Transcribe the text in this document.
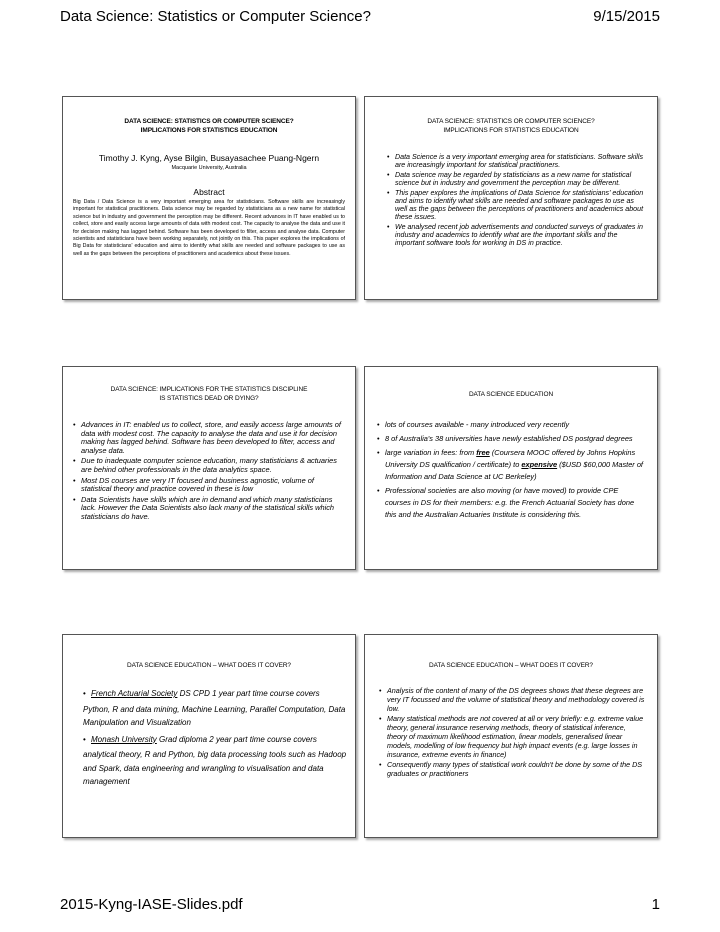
Data Science: Statistics or Computer Science?	9/15/2015
DATA SCIENCE: STATISTICS OR COMPUTER SCIENCE?
IMPLICATIONS FOR STATISTICS EDUCATION
Timothy J. Kyng, Ayse Bilgin, Busayasachee Puang-Ngern
Macquarie University, Australia
Abstract
Big Data / Data Science is a very important emerging area for statisticians. Software skills are increasingly important for statistical practitioners. Data science may be regarded by statisticians as a new name for statistical science but in industry and government the perception may be different. Recent advances in IT have enabled us to collect, store and easily access large amounts of data with modest cost. The capacity to analyse the data and use it for decision making has lagged behind. Software has been developed to filter, access and analyse data. Computer scientists and statisticians have been working separately, not jointly on this. This paper explores the implications of Big Data for statisticians' education and aims to identify what skills are needed and software packages to use as well as the gaps between the perceptions of practitioners and academics about these issues.
DATA SCIENCE: STATISTICS OR COMPUTER SCIENCE?
IMPLICATIONS FOR STATISTICS EDUCATION
• Data Science is a very important emerging area for statisticians. Software skills are increasingly important for statistical practitioners.
• Data science may be regarded by statisticians as a new name for statistical science but in industry and government the perception may be different.
• This paper explores the implications of Data Science for statisticians' education and aims to identify what skills are needed and software packages to use as well as the gaps between the perceptions of practitioners and academics about these issues.
• We analysed recent job advertisements and conducted surveys of graduates in industry and academics to identify what are the important skills and the important software tools for working in DS in practice.
DATA SCIENCE: IMPLICATIONS FOR THE STATISTICS DISCIPLINE
IS STATISTICS DEAD OR DYING?
• Advances in IT: enabled us to collect, store, and easily access large amounts of data with modest cost. The capacity to analyse the data and use it for decision making has lagged behind. Software has been developed to filter, access and analyse data.
• Due to inadequate computer science education, many statisticians & actuaries are behind other professionals in the data analytics space.
• Most DS courses are very IT focused and business agnostic, volume of statistical theory and practice covered in these is low
• Data Scientists have skills which are in demand and which many statisticians lack. However the Data Scientists also lack many of the statistical skills which statisticians do have.
DATA SCIENCE EDUCATION
• lots of courses available - many introduced very recently
• 8 of Australia's 38 universities have newly established DS postgrad degrees
• large variation in fees: from free (Coursera MOOC offered by Johns Hopkins University DS qualification / certificate) to expensive ($USD $60,000 Master of Information and Data Science at UC Berkeley)
• Professional societies are also moving (or have moved) to provide CPE courses in DS for their members: e.g. the French Actuarial Society has done this and the Australian Actuaries Institute is considering this.
DATA SCIENCE EDUCATION – WHAT DOES IT COVER?
• French Actuarial Society DS CPD 1 year part time course covers
Python, R and data mining, Machine Learning, Parallel Computation, Data Manipulation and Visualization
• Monash University Grad diploma 2 year part time course covers
analytical theory, R and Python, big data processing tools such as Hadoop and Spark, data engineering and wrangling to visualisation and data management
DATA SCIENCE EDUCATION – WHAT DOES IT COVER?
• Analysis of the content of many of the DS degrees shows that these degrees are very IT focussed and the volume of statistical theory and methodology covered is low.
• Many statistical methods are not covered at all or very briefly: e.g. extreme value theory, general insurance reserving methods, theory of statistical inference, theory of maximum likelihood estimation, linear models, generalised linear models, modelling of low frequency but high impact events (e.g. large losses in insurance, extreme events in finance)
• Consequently many types of statistical work couldn't be done by some of the DS graduates or practitioners
2015-Kyng-IASE-Slides.pdf	1
